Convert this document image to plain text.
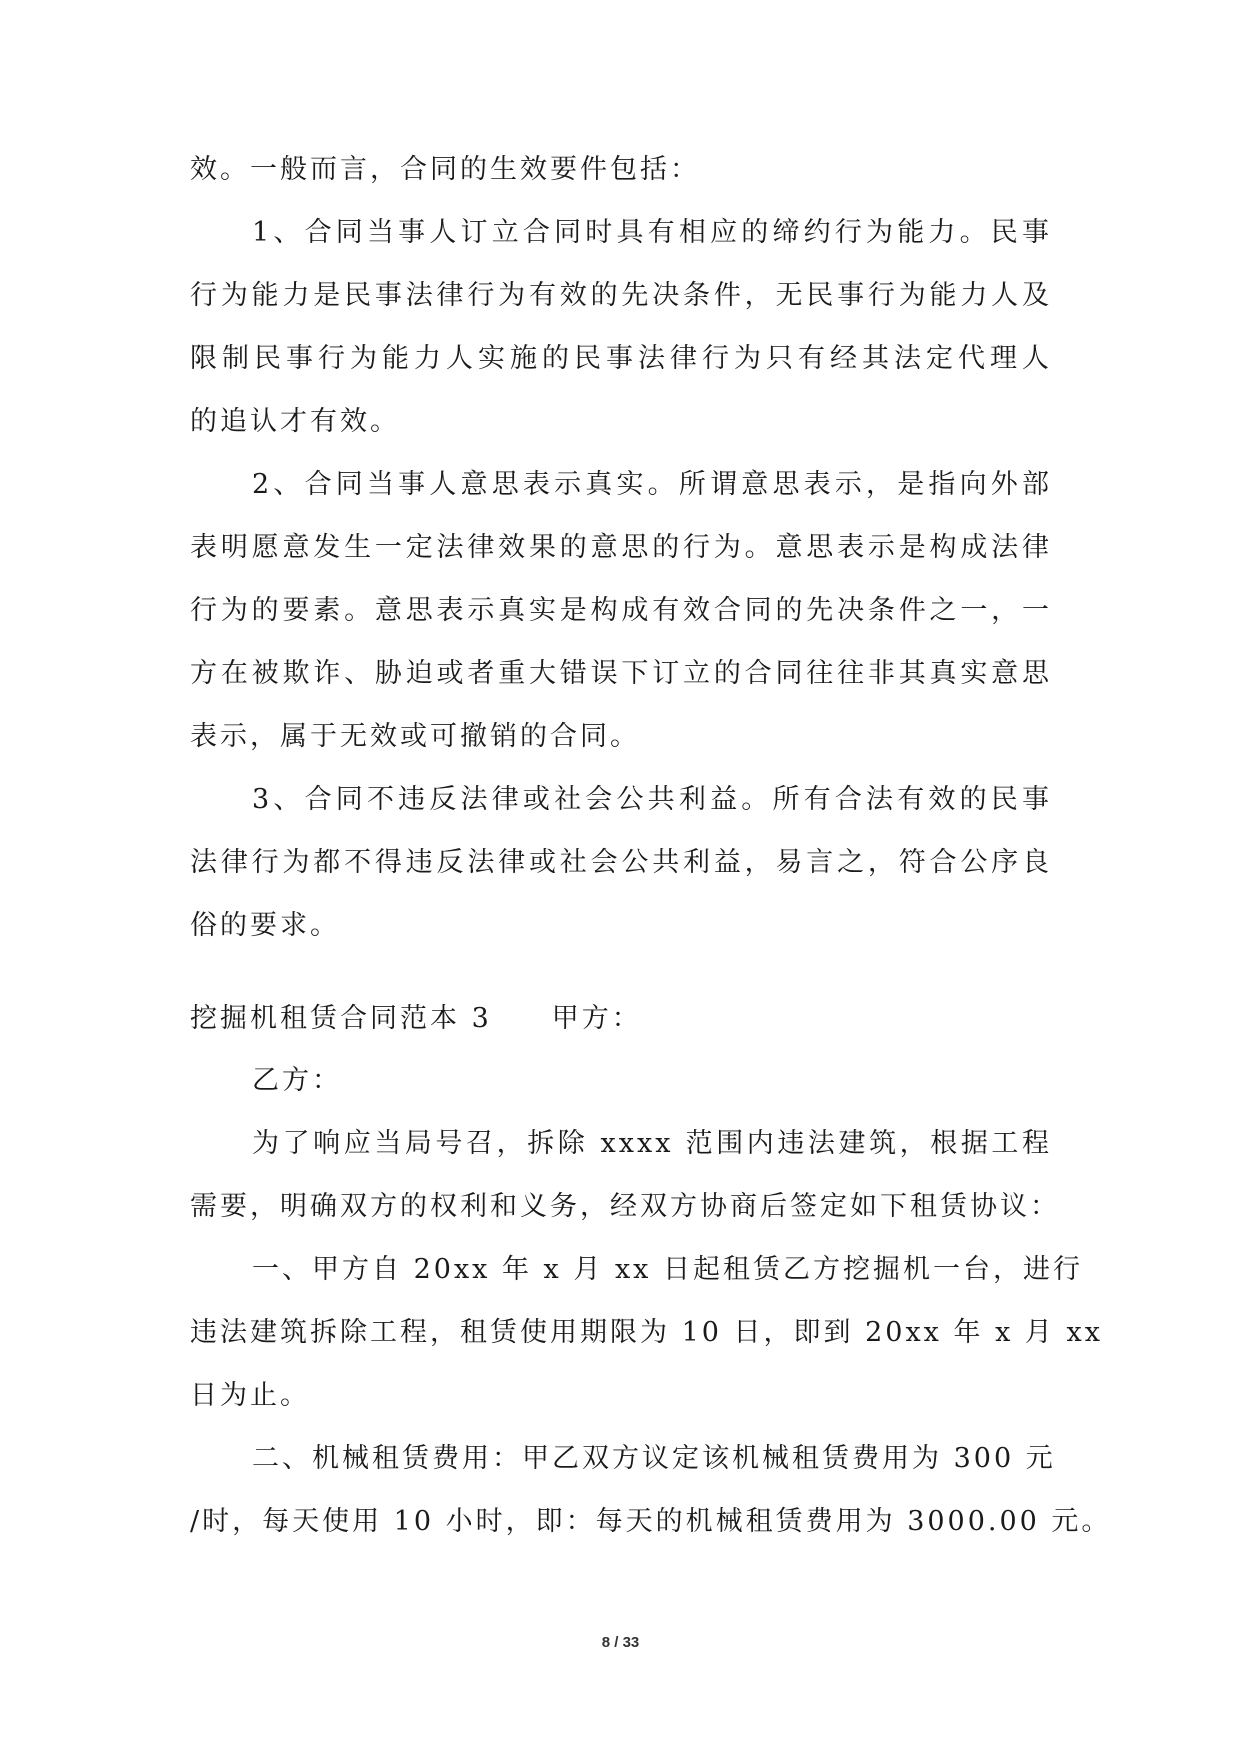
效。一般而言，合同的生效要件包括：
1、合同当事人订立合同时具有相应的缔约行为能力。民事
行为能力是民事法律行为有效的先决条件，无民事行为能力人及
限制民事行为能力人实施的民事法律行为只有经其法定代理人
的追认才有效。
2、合同当事人意思表示真实。所谓意思表示，是指向外部
表明愿意发生一定法律效果的意思的行为。意思表示是构成法律
行为的要素。意思表示真实是构成有效合同的先决条件之一，一
方在被欺诈、胁迫或者重大错误下订立的合同往往非其真实意思
表示，属于无效或可撤销的合同。
3、合同不违反法律或社会公共利益。所有合法有效的民事
法律行为都不得违反法律或社会公共利益，易言之，符合公序良
俗的要求。
挖掘机租赁合同范本 3 甲方：
乙方：
为了响应当局号召，拆除 xxxx 范围内违法建筑，根据工程
需要，明确双方的权利和义务，经双方协商后签定如下租赁协议：
一、甲方自 20xx 年 x 月 xx 日起租赁乙方挖掘机一台，进行
违法建筑拆除工程，租赁使用期限为 10 日，即到 20xx 年 x 月 xx
日为止。
二、机械租赁费用：甲乙双方议定该机械租赁费用为 300 元
/时，每天使用 10 小时，即：每天的机械租赁费用为 3000.00 元。
8 / 33
